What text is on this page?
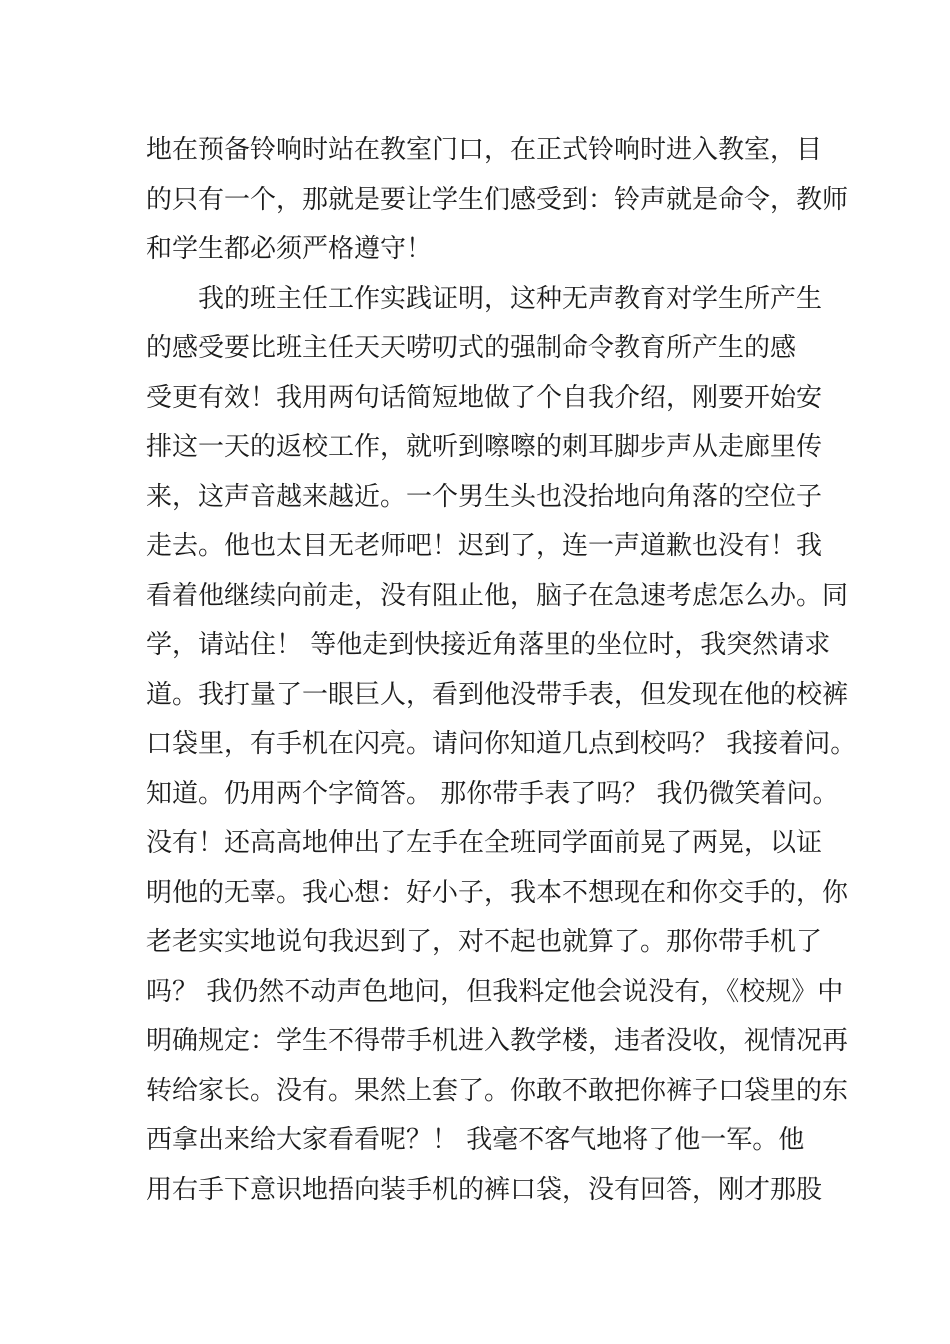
地在预备铃响时站在教室门口，在正式铃响时进入教室，目
的只有一个，那就是要让学生们感受到：铃声就是命令，教师
和学生都必须严格遵守！
我的班主任工作实践证明，这种无声教育对学生所产生
的感受要比班主任天天唠叨式的强制命令教育所产生的感
受更有效！我用两句话简短地做了个自我介绍，刚要开始安
排这一天的返校工作，就听到嚓嚓的刺耳脚步声从走廊里传
来，这声音越来越近。一个男生头也没抬地向角落的空位子
走去。他也太目无老师吧！迟到了，连一声道歉也没有！我
看着他继续向前走，没有阻止他，脑子在急速考虑怎么办。同
学，请站住！ 等他走到快接近角落里的坐位时，我突然请求
道。我打量了一眼巨人，看到他没带手表，但发现在他的校裤
口袋里，有手机在闪亮。请问你知道几点到校吗？ 我接着问。
知道。仍用两个字简答。 那你带手表了吗？ 我仍微笑着问。
没有！还高高地伸出了左手在全班同学面前晃了两晃，以证
明他的无辜。我心想：好小子，我本不想现在和你交手的，你
老老实实地说句我迟到了，对不起也就算了。那你带手机了
吗？ 我仍然不动声色地问，但我料定他会说没有，《校规》中
明确规定：学生不得带手机进入教学楼，违者没收，视情况再
转给家长。没有。果然上套了。你敢不敢把你裤子口袋里的东
西拿出来给大家看看呢？！ 我毫不客气地将了他一军。他
用右手下意识地捂向装手机的裤口袋，没有回答，刚才那股
